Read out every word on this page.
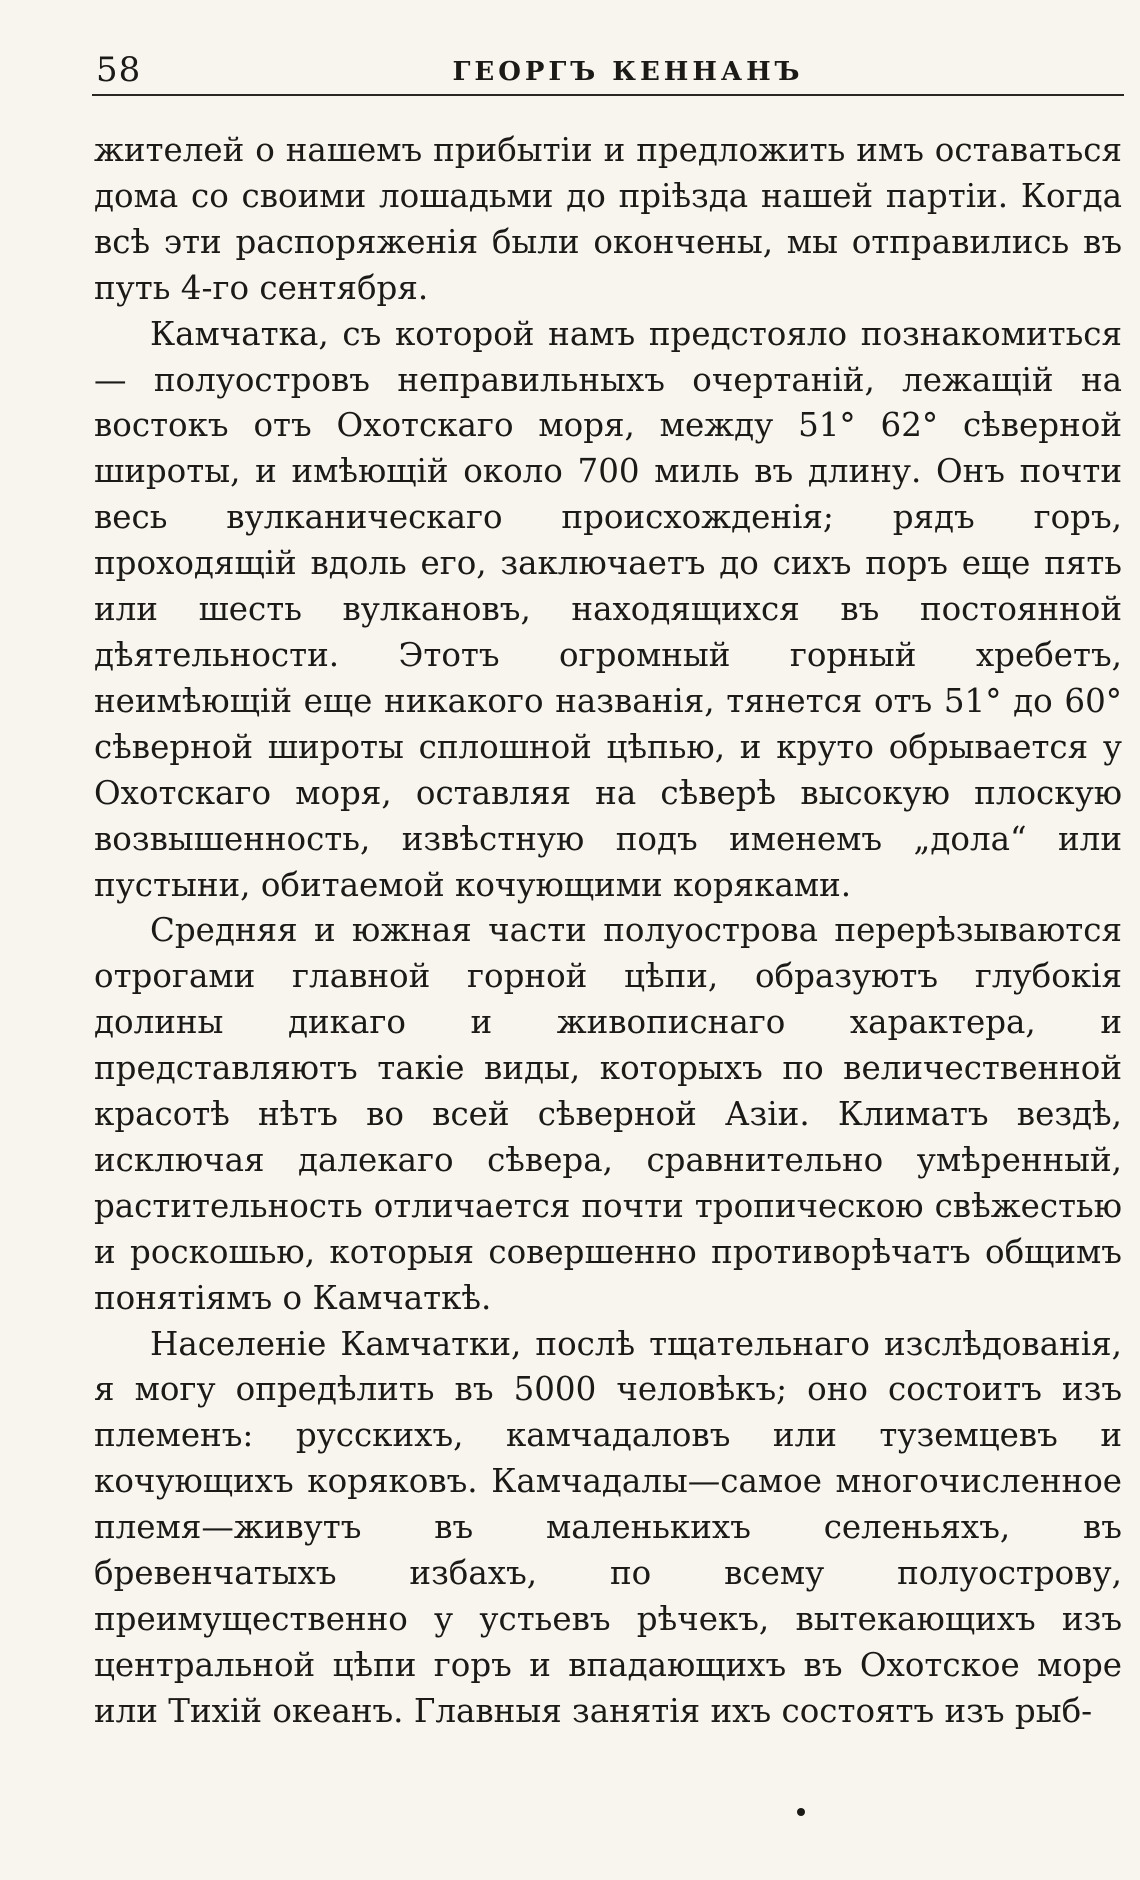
58	ГЕОРГЪ КЕННАНЪ

жителей о нашемъ прибытіи и предложить имъ оставаться дома со своими лошадьми до пріѣзда нашей партіи. Когда всѣ эти распоряженія были окончены, мы отправились въ путь 4-го сентября.

Камчатка, съ которой намъ предстояло познакомиться — полуостровъ неправильныхъ очертаній, лежащій на востокъ отъ Охотскаго моря, между 51° 62° сѣверной широты, и имѣющій около 700 миль въ длину. Онъ почти весь вулканическаго происхожденія; рядъ горъ, проходящій вдоль его, заключаетъ до сихъ поръ еще пять или шесть вулкановъ, находящихся въ постоянной дѣятельности. Этотъ огромный горный хребетъ, неимѣющій еще никакого названія, тянется отъ 51° до 60° сѣверной широты сплошной цѣпью, и круто обрывается у Охотскаго моря, оставляя на сѣверѣ высокую плоскую возвышенность, извѣстную подъ именемъ „дола“ или пустыни, обитаемой кочующими коряками.

Средняя и южная части полуострова перерѣзываются отрогами главной горной цѣпи, образуютъ глубокія долины дикаго и живописнаго характера, и представляютъ такіе виды, которыхъ по величественной красотѣ нѣтъ во всей сѣверной Азіи. Климатъ вездѣ, исключая далекаго сѣвера, сравнительно умѣренный, растительность отличается почти тропическою свѣжестью и роскошью, которыя совершенно противорѣчатъ общимъ понятіямъ о Камчаткѣ.

Населеніе Камчатки, послѣ тщательнаго изслѣдованія, я могу опредѣлить въ 5000 человѣкъ; оно состоитъ изъ племенъ: русскихъ, камчадаловъ или туземцевъ и кочующихъ коряковъ. Камчадалы—самое многочисленное племя—живутъ въ маленькихъ селеньяхъ, въ бревенчатыхъ избахъ, по всему полуострову, преимущественно у устьевъ рѣчекъ, вытекающихъ изъ центральной цѣпи горъ и впадающихъ въ Охотское море или Тихій океанъ. Главныя занятія ихъ состоятъ изъ рыб-
